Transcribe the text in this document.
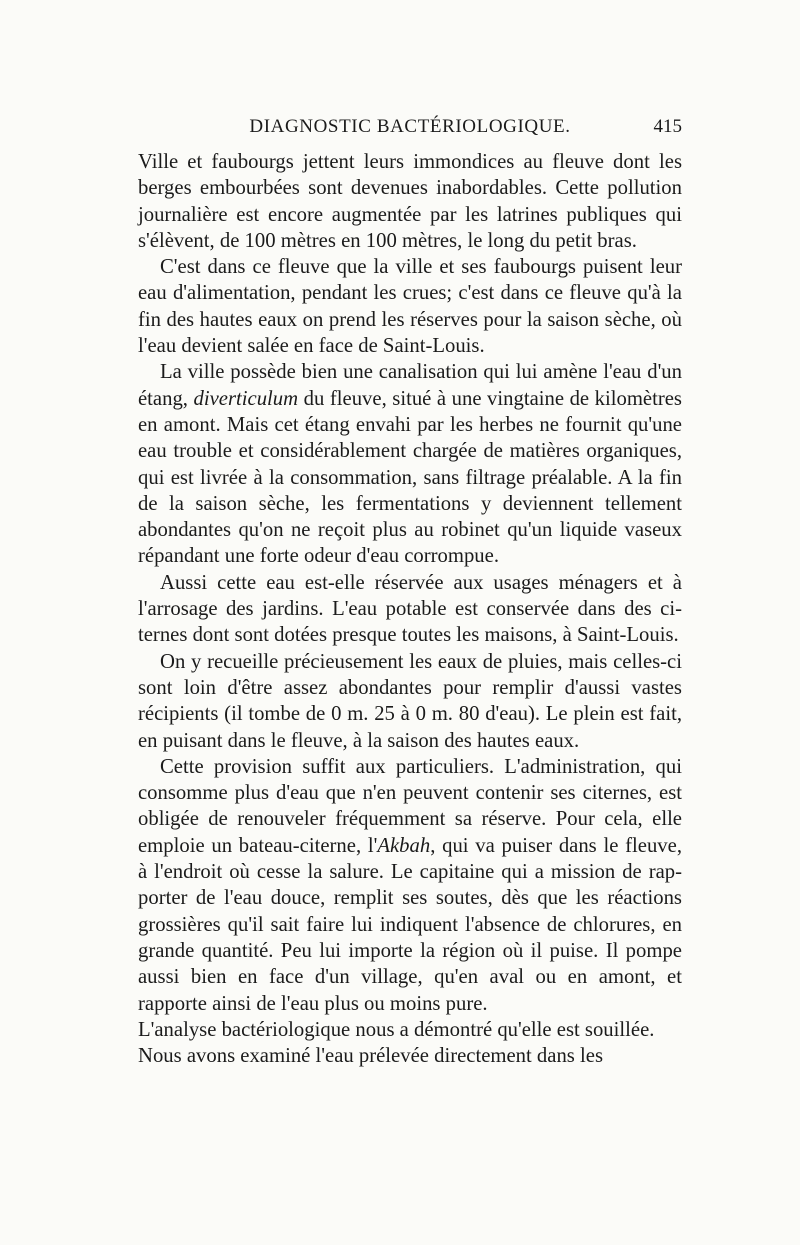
DIAGNOSTIC BACTÉRIOLOGIQUE.	415

Ville et faubourgs jettent leurs immondices au fleuve dont les berges embourbées sont devenues inabordables. Cette pollution journalière est encore augmentée par les latrines publiques qui s'élèvent, de 100 mètres en 100 mètres, le long du petit bras.

C'est dans ce fleuve que la ville et ses faubourgs puisent leur eau d'alimentation, pendant les crues; c'est dans ce fleuve qu'à la fin des hautes eaux on prend les réserves pour la saison sèche, où l'eau devient salée en face de Saint-Louis.

La ville possède bien une canalisation qui lui amène l'eau d'un étang, diverticulum du fleuve, situé à une vingtaine de kilomètres en amont. Mais cet étang envahi par les herbes ne fournit qu'une eau trouble et considérablement chargée de matières organiques, qui est livrée à la consommation, sans filtrage préalable. A la fin de la saison sèche, les fermentations y deviennent tellement abondantes qu'on ne reçoit plus au robinet qu'un liquide vaseux répandant une forte odeur d'eau corrompue.

Aussi cette eau est-elle réservée aux usages ménagers et à l'arrosage des jardins. L'eau potable est conservée dans des citernes dont sont dotées presque toutes les maisons, à Saint-Louis.

On y recueille précieusement les eaux de pluies, mais celles-ci sont loin d'être assez abondantes pour remplir d'aussi vastes récipients (il tombe de 0 m. 25 à 0 m. 80 d'eau). Le plein est fait, en puisant dans le fleuve, à la saison des hautes eaux.

Cette provision suffit aux particuliers. L'administration, qui consomme plus d'eau que n'en peuvent contenir ses citernes, est obligée de renouveler fréquemment sa réserve. Pour cela, elle emploie un bateau-citerne, l'Akbah, qui va puiser dans le fleuve, à l'endroit où cesse la salure. Le capitaine qui a mission de rapporter de l'eau douce, remplit ses soutes, dès que les réactions grossières qu'il sait faire lui indiquent l'absence de chlorures, en grande quantité. Peu lui importe la région où il puise. Il pompe aussi bien en face d'un village, qu'en aval ou en amont, et rapporte ainsi de l'eau plus ou moins pure.

L'analyse bactériologique nous a démontré qu'elle est souillée.

Nous avons examiné l'eau prélevée directement dans les
